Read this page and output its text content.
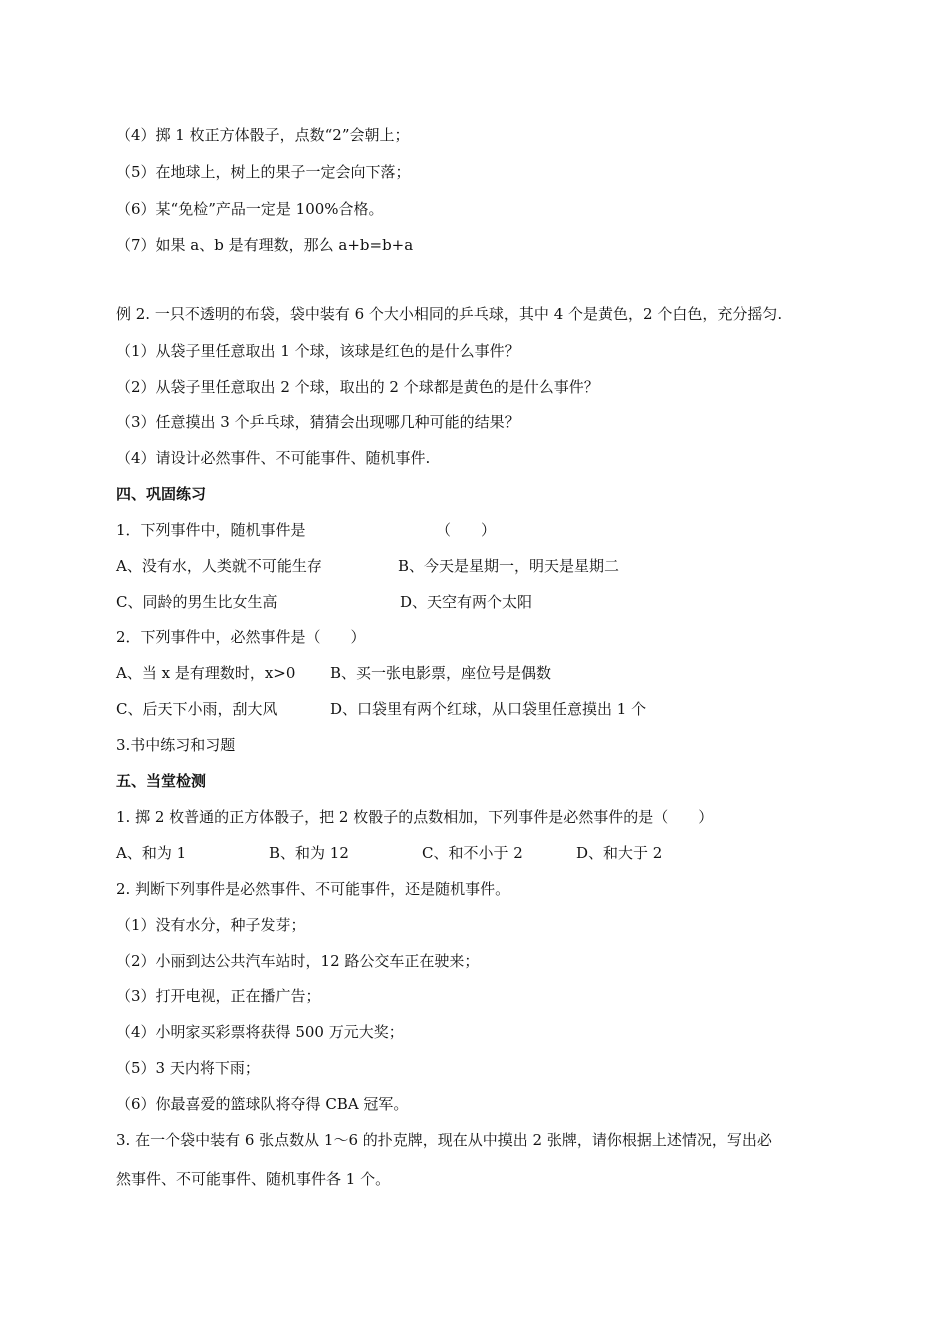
（4）掷 1 枚正方体骰子，点数“2”会朝上；
（5）在地球上，树上的果子一定会向下落；
（6）某“免检”产品一定是 100%合格。
（7）如果 a、b 是有理数，那么 a+b=b+a
例 2. 一只不透明的布袋，袋中装有 6 个大小相同的乒乓球，其中 4 个是黄色，2 个白色，充分摇匀.
（1）从袋子里任意取出 1 个球，该球是红色的是什么事件？
（2）从袋子里任意取出 2 个球，取出的 2 个球都是黄色的是什么事件？
（3）任意摸出 3 个乒乓球，猜猜会出现哪几种可能的结果？
（4）请设计必然事件、不可能事件、随机事件.
四、巩固练习
1．下列事件中，随机事件是	（　　）
A、没有水，人类就不可能生存	B、今天是星期一，明天是星期二
C、同龄的男生比女生高	D、天空有两个太阳
2．下列事件中，必然事件是（　　）
A、当 x 是有理数时，x>0 B、买一张电影票，座位号是偶数
C、后天下小雨，刮大风	D、口袋里有两个红球，从口袋里任意摸出 1 个
3.书中练习和习题
五、当堂检测
1. 掷 2 枚普通的正方体骰子，把 2 枚骰子的点数相加，下列事件是必然事件的是（　　）
A、和为 1	B、和为 12	C、和不小于 2	D、和大于 2
2. 判断下列事件是必然事件、不可能事件，还是随机事件。
（1）没有水分，种子发芽；
（2）小丽到达公共汽车站时，12 路公交车正在驶来；
（3）打开电视，正在播广告；
（4）小明家买彩票将获得 500 万元大奖；
（5）3 天内将下雨；
（6）你最喜爱的篮球队将夺得 CBA 冠军。
3. 在一个袋中装有 6 张点数从 1～6 的扑克牌，现在从中摸出 2 张牌，请你根据上述情况，写出必
然事件、不可能事件、随机事件各 1 个。
